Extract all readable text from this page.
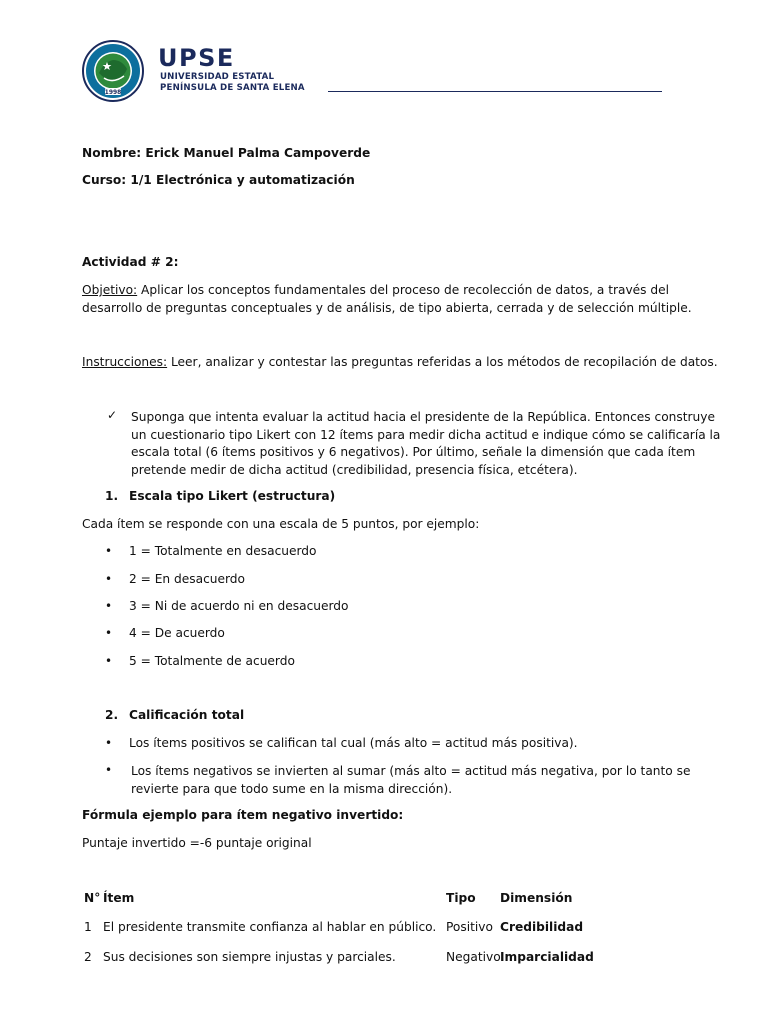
1998
UPSE
UNIVERSIDAD ESTATAL
PENÍNSULA DE SANTA ELENA
Nombre: Erick Manuel Palma Campoverde
Curso: 1/1 Electrónica y automatización
Actividad # 2:
Objetivo: Aplicar los conceptos fundamentales del proceso de recolección de datos, a través del desarrollo de preguntas conceptuales y de análisis, de tipo abierta, cerrada y de selección múltiple.
Instrucciones: Leer, analizar y contestar las preguntas referidas a los métodos de recopilación de datos.
✓ Suponga que intenta evaluar la actitud hacia el presidente de la República. Entonces construye un cuestionario tipo Likert con 12 ítems para medir dicha actitud e indique cómo se calificaría la escala total (6 ítems positivos y 6 negativos). Por último, señale la dimensión que cada ítem pretende medir de dicha actitud (credibilidad, presencia física, etcétera).
1. Escala tipo Likert (estructura)
Cada ítem se responde con una escala de 5 puntos, por ejemplo:
• 1 = Totalmente en desacuerdo
• 2 = En desacuerdo
• 3 = Ni de acuerdo ni en desacuerdo
• 4 = De acuerdo
• 5 = Totalmente de acuerdo
2. Calificación total
• Los ítems positivos se califican tal cual (más alto = actitud más positiva).
• Los ítems negativos se invierten al sumar (más alto = actitud más negativa, por lo tanto se revierte para que todo sume en la misma dirección).
Fórmula ejemplo para ítem negativo invertido:
Puntaje invertido =-6 puntaje original
N° Ítem	Tipo Dimensión
1 El presidente transmite confianza al hablar en público. Positivo Credibilidad
2 Sus decisiones son siempre injustas y parciales.	Negativo Imparcialidad
